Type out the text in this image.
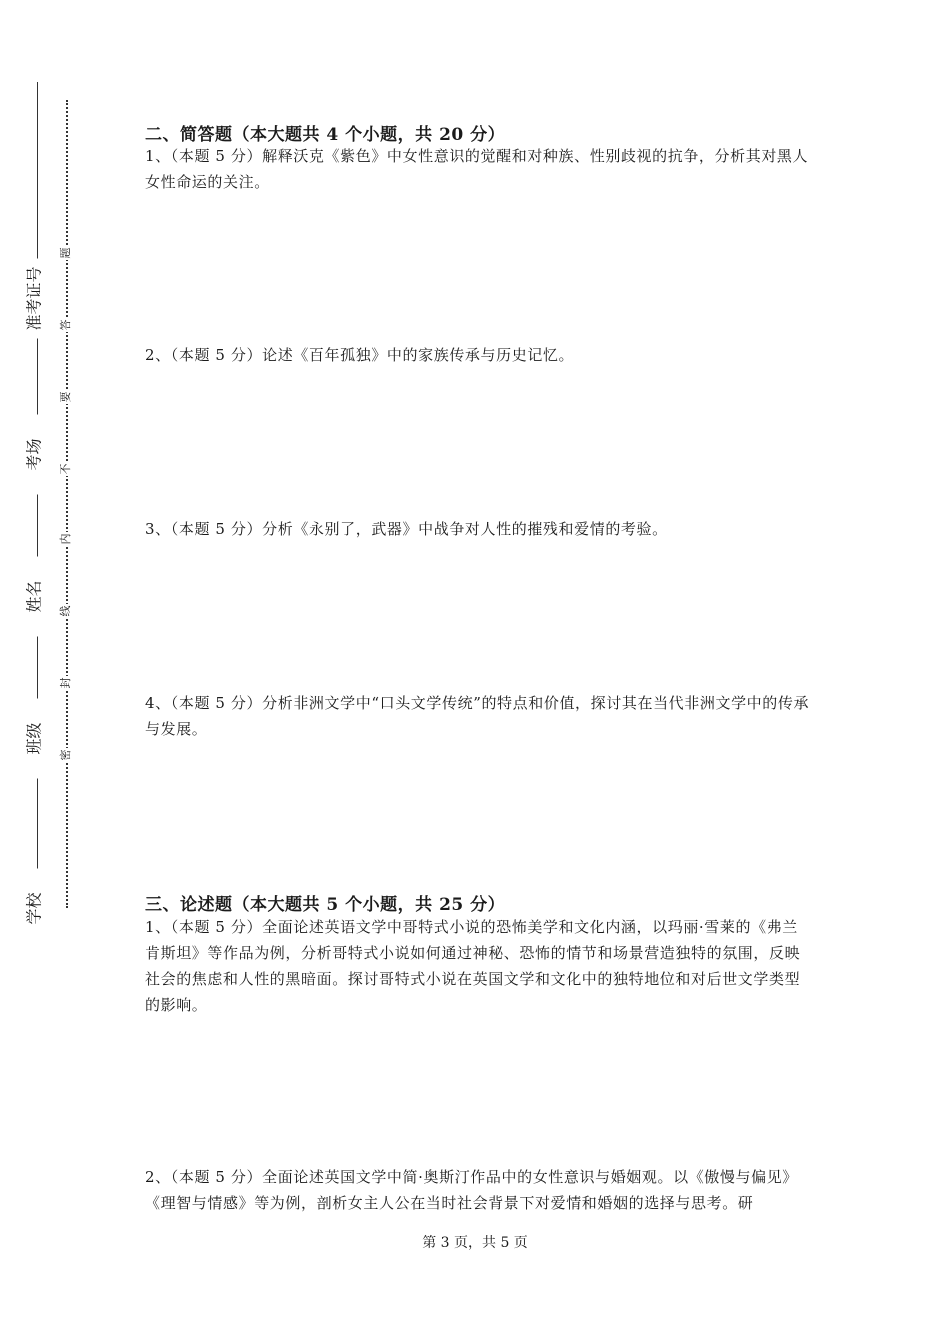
准考证号
考场
姓名
班级
学校
题
答
要
不
内
线
封
密
二、简答题（本大题共 4 个小题，共 20 分）
1、（本题 5 分）解释沃克《紫色》中女性意识的觉醒和对种族、性别歧视的抗争，分析其对黑人女性命运的关注。
2、（本题 5 分）论述《百年孤独》中的家族传承与历史记忆。
3、（本题 5 分）分析《永别了，武器》中战争对人性的摧残和爱情的考验。
4、（本题 5 分）分析非洲文学中“口头文学传统”的特点和价值，探讨其在当代非洲文学中的传承与发展。
三、论述题（本大题共 5 个小题，共 25 分）
1、（本题 5 分）全面论述英语文学中哥特式小说的恐怖美学和文化内涵，以玛丽·雪莱的《弗兰肯斯坦》等作品为例，分析哥特式小说如何通过神秘、恐怖的情节和场景营造独特的氛围，反映社会的焦虑和人性的黑暗面。探讨哥特式小说在英国文学和文化中的独特地位和对后世文学类型的影响。
2、（本题 5 分）全面论述英国文学中简·奥斯汀作品中的女性意识与婚姻观。以《傲慢与偏见》《理智与情感》等为例，剖析女主人公在当时社会背景下对爱情和婚姻的选择与思考。研
第 3 页，共 5 页
